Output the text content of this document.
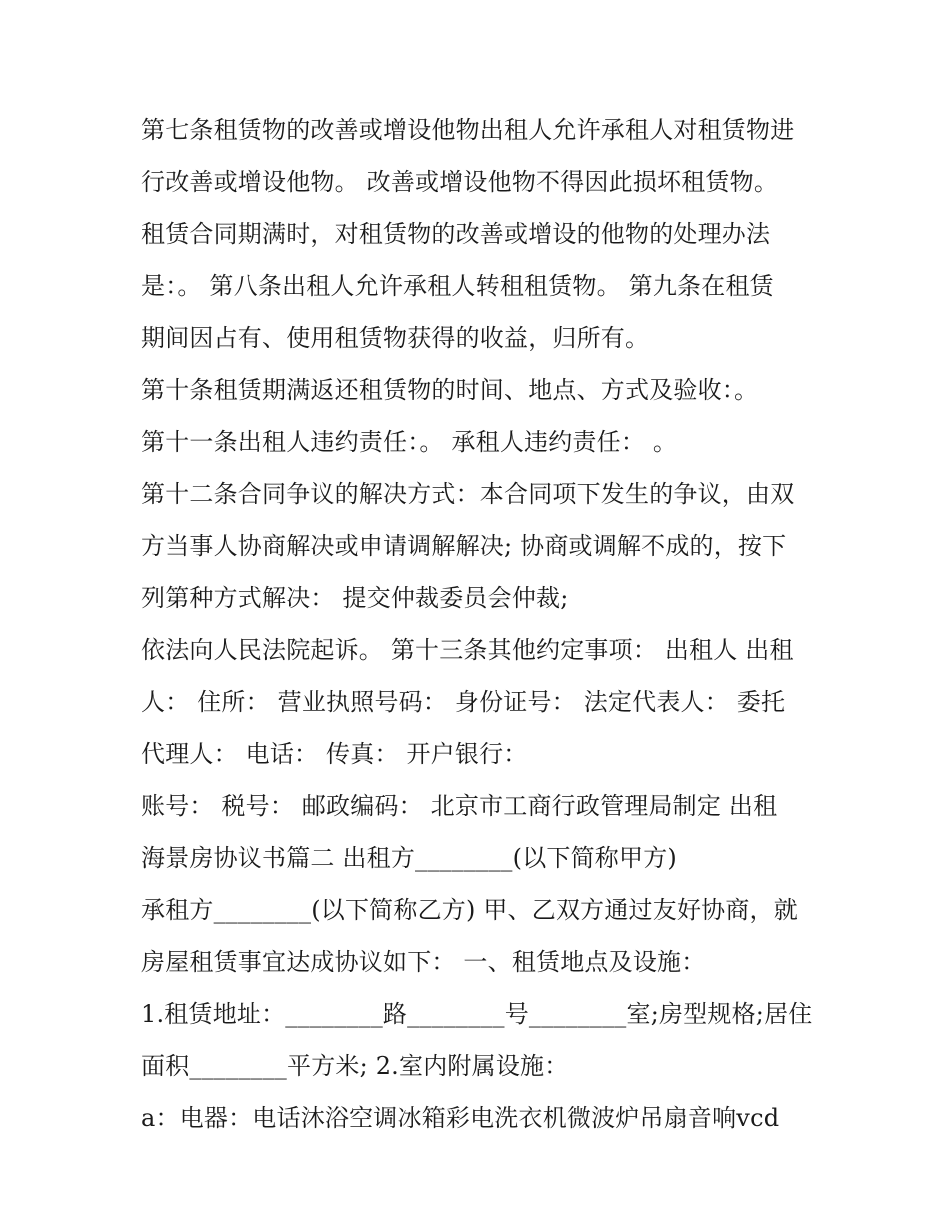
第七条租赁物的改善或增设他物出租人允许承租人对租赁物进
行改善或增设他物。 改善或增设他物不得因此损坏租赁物。
租赁合同期满时，对租赁物的改善或增设的他物的处理办法
是：。 第八条出租人允许承租人转租租赁物。 第九条在租赁
期间因占有、使用租赁物获得的收益，归所有。
第十条租赁期满返还租赁物的时间、地点、方式及验收：。
第十一条出租人违约责任：。 承租人违约责任： 。
第十二条合同争议的解决方式：本合同项下发生的争议，由双
方当事人协商解决或申请调解解决; 协商或调解不成的，按下
列第种方式解决： 提交仲裁委员会仲裁;
依法向人民法院起诉。 第十三条其他约定事项： 出租人 出租
人： 住所： 营业执照号码： 身份证号： 法定代表人： 委托
代理人： 电话： 传真： 开户银行：
账号： 税号： 邮政编码： 北京市工商行政管理局制定 出租
海景房协议书篇二 出租方________(以下简称甲方)
承租方________(以下简称乙方) 甲、乙双方通过友好协商，就
房屋租赁事宜达成协议如下： 一、租赁地点及设施：
1.租赁地址：________路________号________室;房型规格;居住
面积________平方米; 2.室内附属设施：
a：电器：电话沐浴空调冰箱彩电洗衣机微波炉吊扇音响vcd
